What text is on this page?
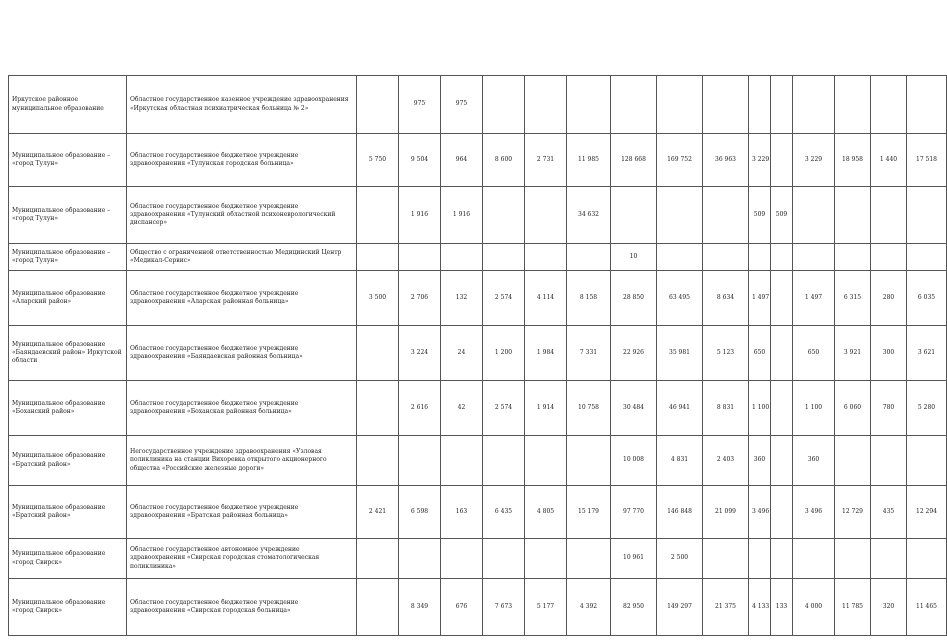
Иркутское районное муниципальное образование	Областное государственное казенное учреждение здравоохранения «Иркутская областная психиатрическая больница № 2»		975	975												
Муниципальное образование – «город Тулун»	Областное государственное бюджетное учреждение здравоохранения «Тулунская городская больница»	5 750	9 504	964	8 600	2 731	11 985	128 668	169 752	36 963	3 229		3 229	18 958	1 440	17 518
Муниципальное образование – «город Тулун»	Областное государственное бюджетное учреждение здравоохранения «Тулунский областной психоневрологический диспансер»		1 916	1 916			34 632				509	509				
Муниципальное образование – «город Тулун»	Общество с ограниченной ответственностью Медицинский Центр «Медикал-Сервис»							10								
Муниципальное образование «Аларский район»	Областное государственное бюджетное учреждение здравоохранения «Аларская районная больница»	3 500	2 706	132	2 574	4 114	8 158	28 850	63 495	8 634	1 497		1 497	6 315	280	6 035
Муниципальное образование «Баяндаевский район» Иркутской области	Областное государственное бюджетное учреждение здравоохранения «Баяндаевская районная больница»		3 224	24	1 200	1 984	7 331	22 926	35 981	5 123	650		650	3 921	300	3 621
Муниципальное образование «Боханский район»	Областное государственное бюджетное учреждение здравоохранения «Боханская районная больница»		2 616	42	2 574	1 914	10 758	30 484	46 941	8 831	1 100		1 100	6 060	780	5 280
Муниципальное образование «Братский район»	Негосударственное учреждение здравоохранения «Узловая поликлиника на станции Вихоревка открытого акционерного общества «Российские железные дороги»							10 008	4 831	2 403	360		360			
Муниципальное образование «Братский район»	Областное государственное бюджетное учреждение здравоохранения «Братская районная больница»	2 421	6 598	163	6 435	4 805	15 179	97 770	146 848	21 099	3 496		3 496	12 729	435	12 294
Муниципальное образование «город Свирск»	Областное государственное автономное учреждение здравоохранения «Свирская городская стоматологическая поликлиника»							10 961	2 500							
Муниципальное образование «город Свирск»	Областное государственное бюджетное учреждение здравоохранения «Свирская городская больница»		8 349	676	7 673	5 177	4 392	82 950	149 297	21 375	4 133	133	4 000	11 785	320	11 465
